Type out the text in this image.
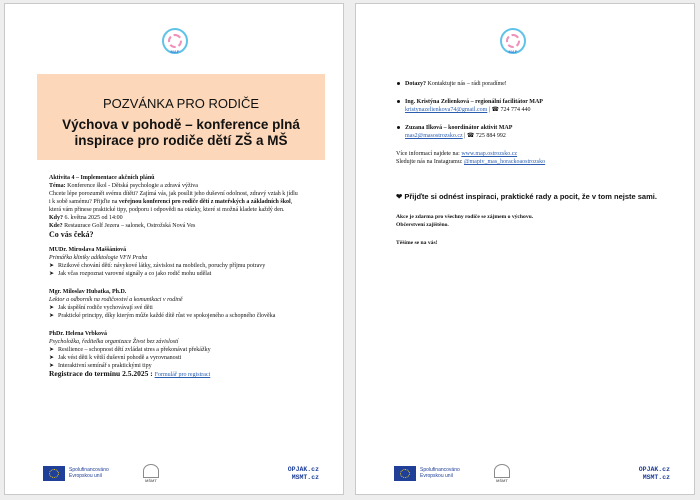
MAP
POZVÁNKA PRO RODIČE
Výchova v pohodě – konference plná inspirace pro rodiče dětí ZŠ a MŠ

Aktivita 4 – Implementace akčních plánů

Téma: Konference škol - Dětská psychologie a zdravá výživa

Chcete lépe porozumět svému dítěti? Zajímá vás, jak posílit jeho duševní odolnost, zdravý vztah k jídlu i k sobě samému? Přijďte na veřejnou konferenci pro rodiče dětí z mateřských a základních škol, která vám přinese praktické tipy, podporu i odpovědi na otázky, které si možná kladete každý den.

Kdy? 6. května 2025 od 14:00

Kde? Restaurace Golf Jezera – salonek, Ostrožská Nová Ves

Co vás čeká?

MUDr. Miroslava Maššániová

Primářka kliniky adiktologie VFN Praha

➤ Rizikové chování dětí: návykové látky, závislost na mobilech, poruchy příjmu potravy

➤ Jak včas rozpoznat varovné signály a co jako rodič mohu udělat

Mgr. Miloslav Hubatka, Ph.D.

Lektor a odborník na rodičovství a komunikaci v rodině

➤ Jak úspěšní rodiče vychovávají své děti

➤ Praktické principy, díky kterým může každé dítě růst ve spokojeného a schopného člověka

PhDr. Helena Vrbková

Psycholožka, ředitelka organizace Život bez závislostí

➤ Resilience – schopnost dětí zvládat stres a překonávat překážky

➤ Jak vést děti k větší duševní pohodě a vyrovnanosti

➤ Interaktivní semínář s praktickými tipy

Registrace do termínu 2.5.2025 : Formulář pro registraci

Spolufinancováno
Evropskou unií
MŠMT
OPJAK.cz
MSMT.cz
MAP

Dotazy? Kontaktujte nás – rádi poradíme!

Ing. Kristýna Zelienková – regionální facilitátor MAP

kristynazelienkova74@gmail.com | ☎ 724 774 440

Zuzana Ilková – koordinátor aktivit MAP

mas2@masostrozsko.cz | ☎ 725 884 992

Více informací najdete na: www.map.ostrozsko.cz

Sledujte nás na Instagramu: @mapiv_mas_horackoaostrozsko

❤ Přijďte si odnést inspiraci, praktické rady a pocit, že v tom nejste sami.

Akce je zdarma pro všechny rodiče se zájmem o výchovu.

Občerstvení zajištěno.

Těšíme se na vás!

Spolufinancováno
Evropskou unií
MŠMT
OPJAK.cz
MSMT.cz
